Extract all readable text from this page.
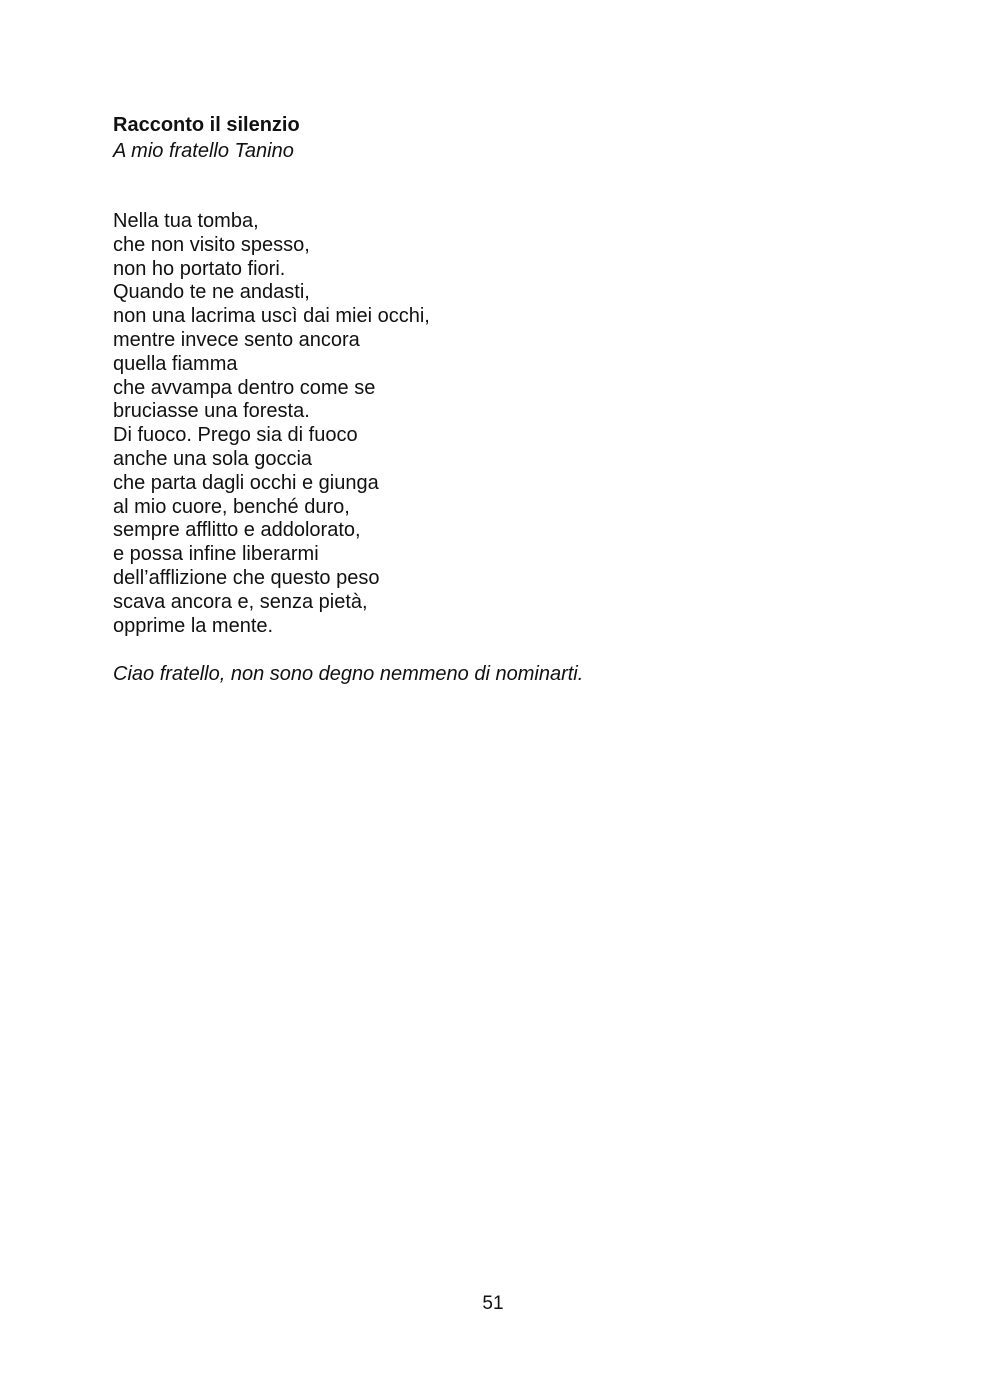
Racconto il silenzio

A mio fratello Tanino

Nella tua tomba,
che non visito spesso,
non ho portato fiori.
Quando te ne andasti,
non una lacrima uscì dai miei occhi,
mentre invece sento ancora
quella fiamma
che avvampa dentro come se
bruciasse una foresta.
Di fuoco. Prego sia di fuoco
anche una sola goccia
che parta dagli occhi e giunga
al mio cuore, benché duro,
sempre afflitto e addolorato,
e possa infine liberarmi
dell’afflizione che questo peso
scava ancora e, senza pietà,
opprime la mente.

Ciao fratello, non sono degno nemmeno di nominarti.

51
